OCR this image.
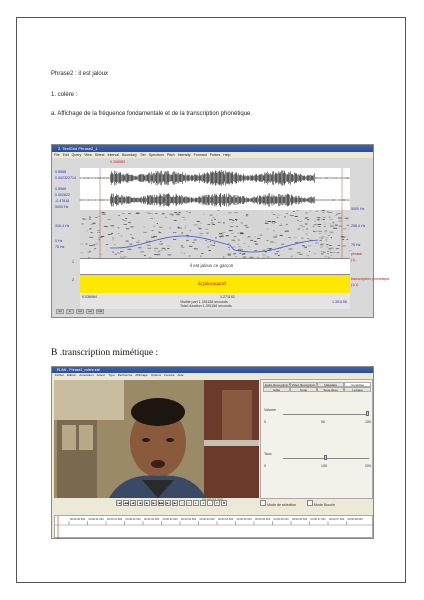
Phrase2 : il est jaloux
1. colère :
a. Affichage de la fréquence fondamentale et de la transcription phonétique.
2. TextGrid Phrase2_1
File Edit Query View Select Interval Boundary Tier Spectrum Pitch Intensity Formant Pulses Help
0.158983
0.5988
0.002322714
0.5965
0.002622
-0.47818
5000 Hz
316.4 Hz
0 Hz
75 Hz
5000 Hz
258.4 Hz
75 Hz
phrase
(1)
transcription phonétique
(1/1)
il est jaloux ce garçon
ilɛʒalusəgarsɔ̃
0.036984	1.271192
Visible part 1.391158 seconds
Total duration 1.391158 seconds
1.391158
1
2
all	in	out	sel	bak
B .transcription mimétique :
ELAN - Phrase2_colère.eaf
Fichier Édition Annotation Acteur Type Recherche Affichage Options Fenêtre Aide
Audio Recognizer	Video Recognizer	Metadata	Contrôles
Grille	Texte	Sous-titres	Lexique
Volume
0	50	100
Taux
0	100	200
|◀	◀◀ ◀|	◀	▶	▶|	▶▶ ▶|	|▶|	◁	▷	⇤	⇥	↔	⟳	⇆	Mode de sélection	Mode Boucle
00:00:00.500 00:00:01.000 00:00:01.500 00:00:02.000 00:00:02.500 00:00:03.000 00:00:03.500 00:00:04.000 00:00:04.500 00:00:05.000 00:00:05.500 00:00:06.000 00:00:06.500 00:00:07.000 00:00:07.500 00:00:08.000
